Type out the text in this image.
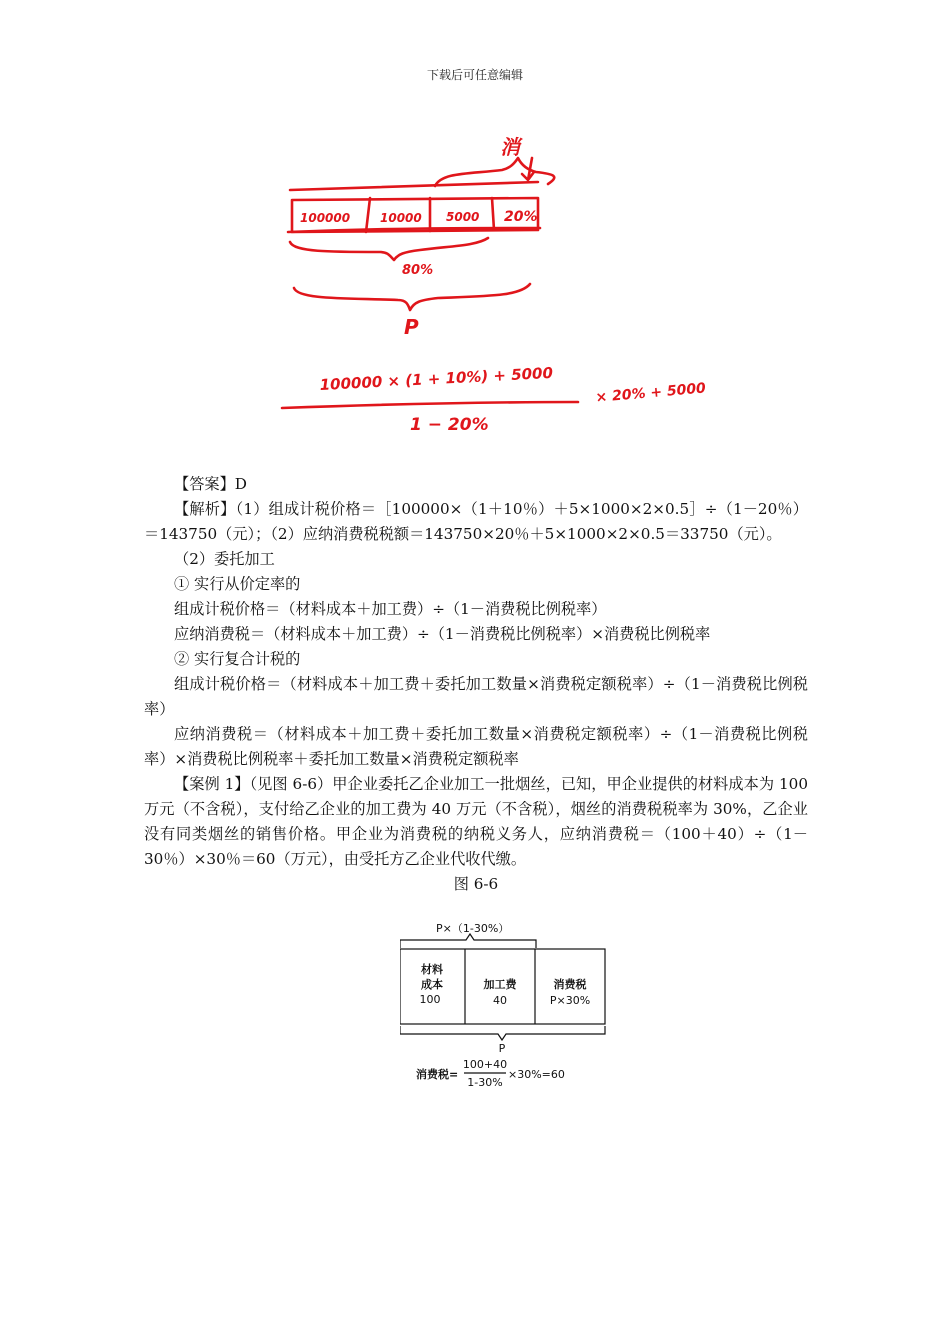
下载后可任意编辑
消
100000 10000 5000 20%
80%
P
100000 × (1 + 10%) + 5000
1 − 20%
× 20% + 5000

【答案】D

【解析】（1）组成计税价格＝［100000×（1＋10％）＋5×1000×2×0.5］÷（1－20％）＝143750（元）；（2）应纳消费税税额＝143750×20％＋5×1000×2×0.5＝33750（元）。

（2）委托加工

① 实行从价定率的

组成计税价格＝（材料成本＋加工费）÷（1－消费税比例税率）

应纳消费税＝（材料成本＋加工费）÷（1－消费税比例税率）×消费税比例税率

② 实行复合计税的

组成计税价格＝（材料成本＋加工费＋委托加工数量×消费税定额税率）÷（1－消费税比例税率）

应纳消费税＝（材料成本＋加工费＋委托加工数量×消费税定额税率）÷（1－消费税比例税率）×消费税比例税率＋委托加工数量×消费税定额税率

【案例 1】（见图 6-6）甲企业委托乙企业加工一批烟丝，已知，甲企业提供的材料成本为 100 万元（不含税），支付给乙企业的加工费为 40 万元（不含税），烟丝的消费税税率为 30%，乙企业没有同类烟丝的销售价格。甲企业为消费税的纳税义务人，应纳消费税＝（100＋40）÷（1－30％）×30％＝60（万元），由受托方乙企业代收代缴。

图 6-6

P×（1-30%）
材料
成本
100
加工费
40
消费税
P×30%
P
消费税=
100+40
1-30%
×30%=60
